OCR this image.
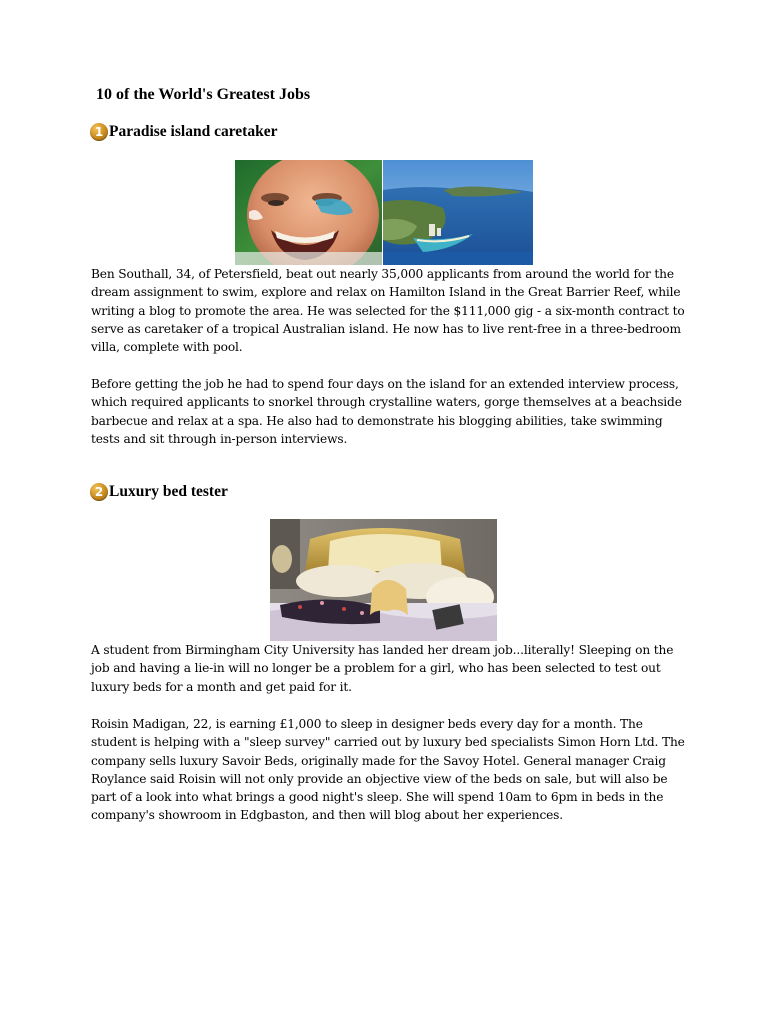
10 of the World's Greatest Jobs
1 Paradise island caretaker

Ben Southall, 34, of Petersfield, beat out nearly 35,000 applicants from around the world for the dream assignment to swim, explore and relax on Hamilton Island in the Great Barrier Reef, while writing a blog to promote the area. He was selected for the $111,000 gig - a six-month contract to serve as caretaker of a tropical Australian island. He now has to live rent-free in a three-bedroom villa, complete with pool.

Before getting the job he had to spend four days on the island for an extended interview process, which required applicants to snorkel through crystalline waters, gorge themselves at a beachside barbecue and relax at a spa. He also had to demonstrate his blogging abilities, take swimming tests and sit through in-person interviews.

2 Luxury bed tester

A student from Birmingham City University has landed her dream job...literally! Sleeping on the job and having a lie-in will no longer be a problem for a girl, who has been selected to test out luxury beds for a month and get paid for it.

Roisin Madigan, 22, is earning £1,000 to sleep in designer beds every day for a month. The student is helping with a "sleep survey" carried out by luxury bed specialists Simon Horn Ltd. The company sells luxury Savoir Beds, originally made for the Savoy Hotel. General manager Craig Roylance said Roisin will not only provide an objective view of the beds on sale, but will also be part of a look into what brings a good night's sleep. She will spend 10am to 6pm in beds in the company's showroom in Edgbaston, and then will blog about her experiences.
